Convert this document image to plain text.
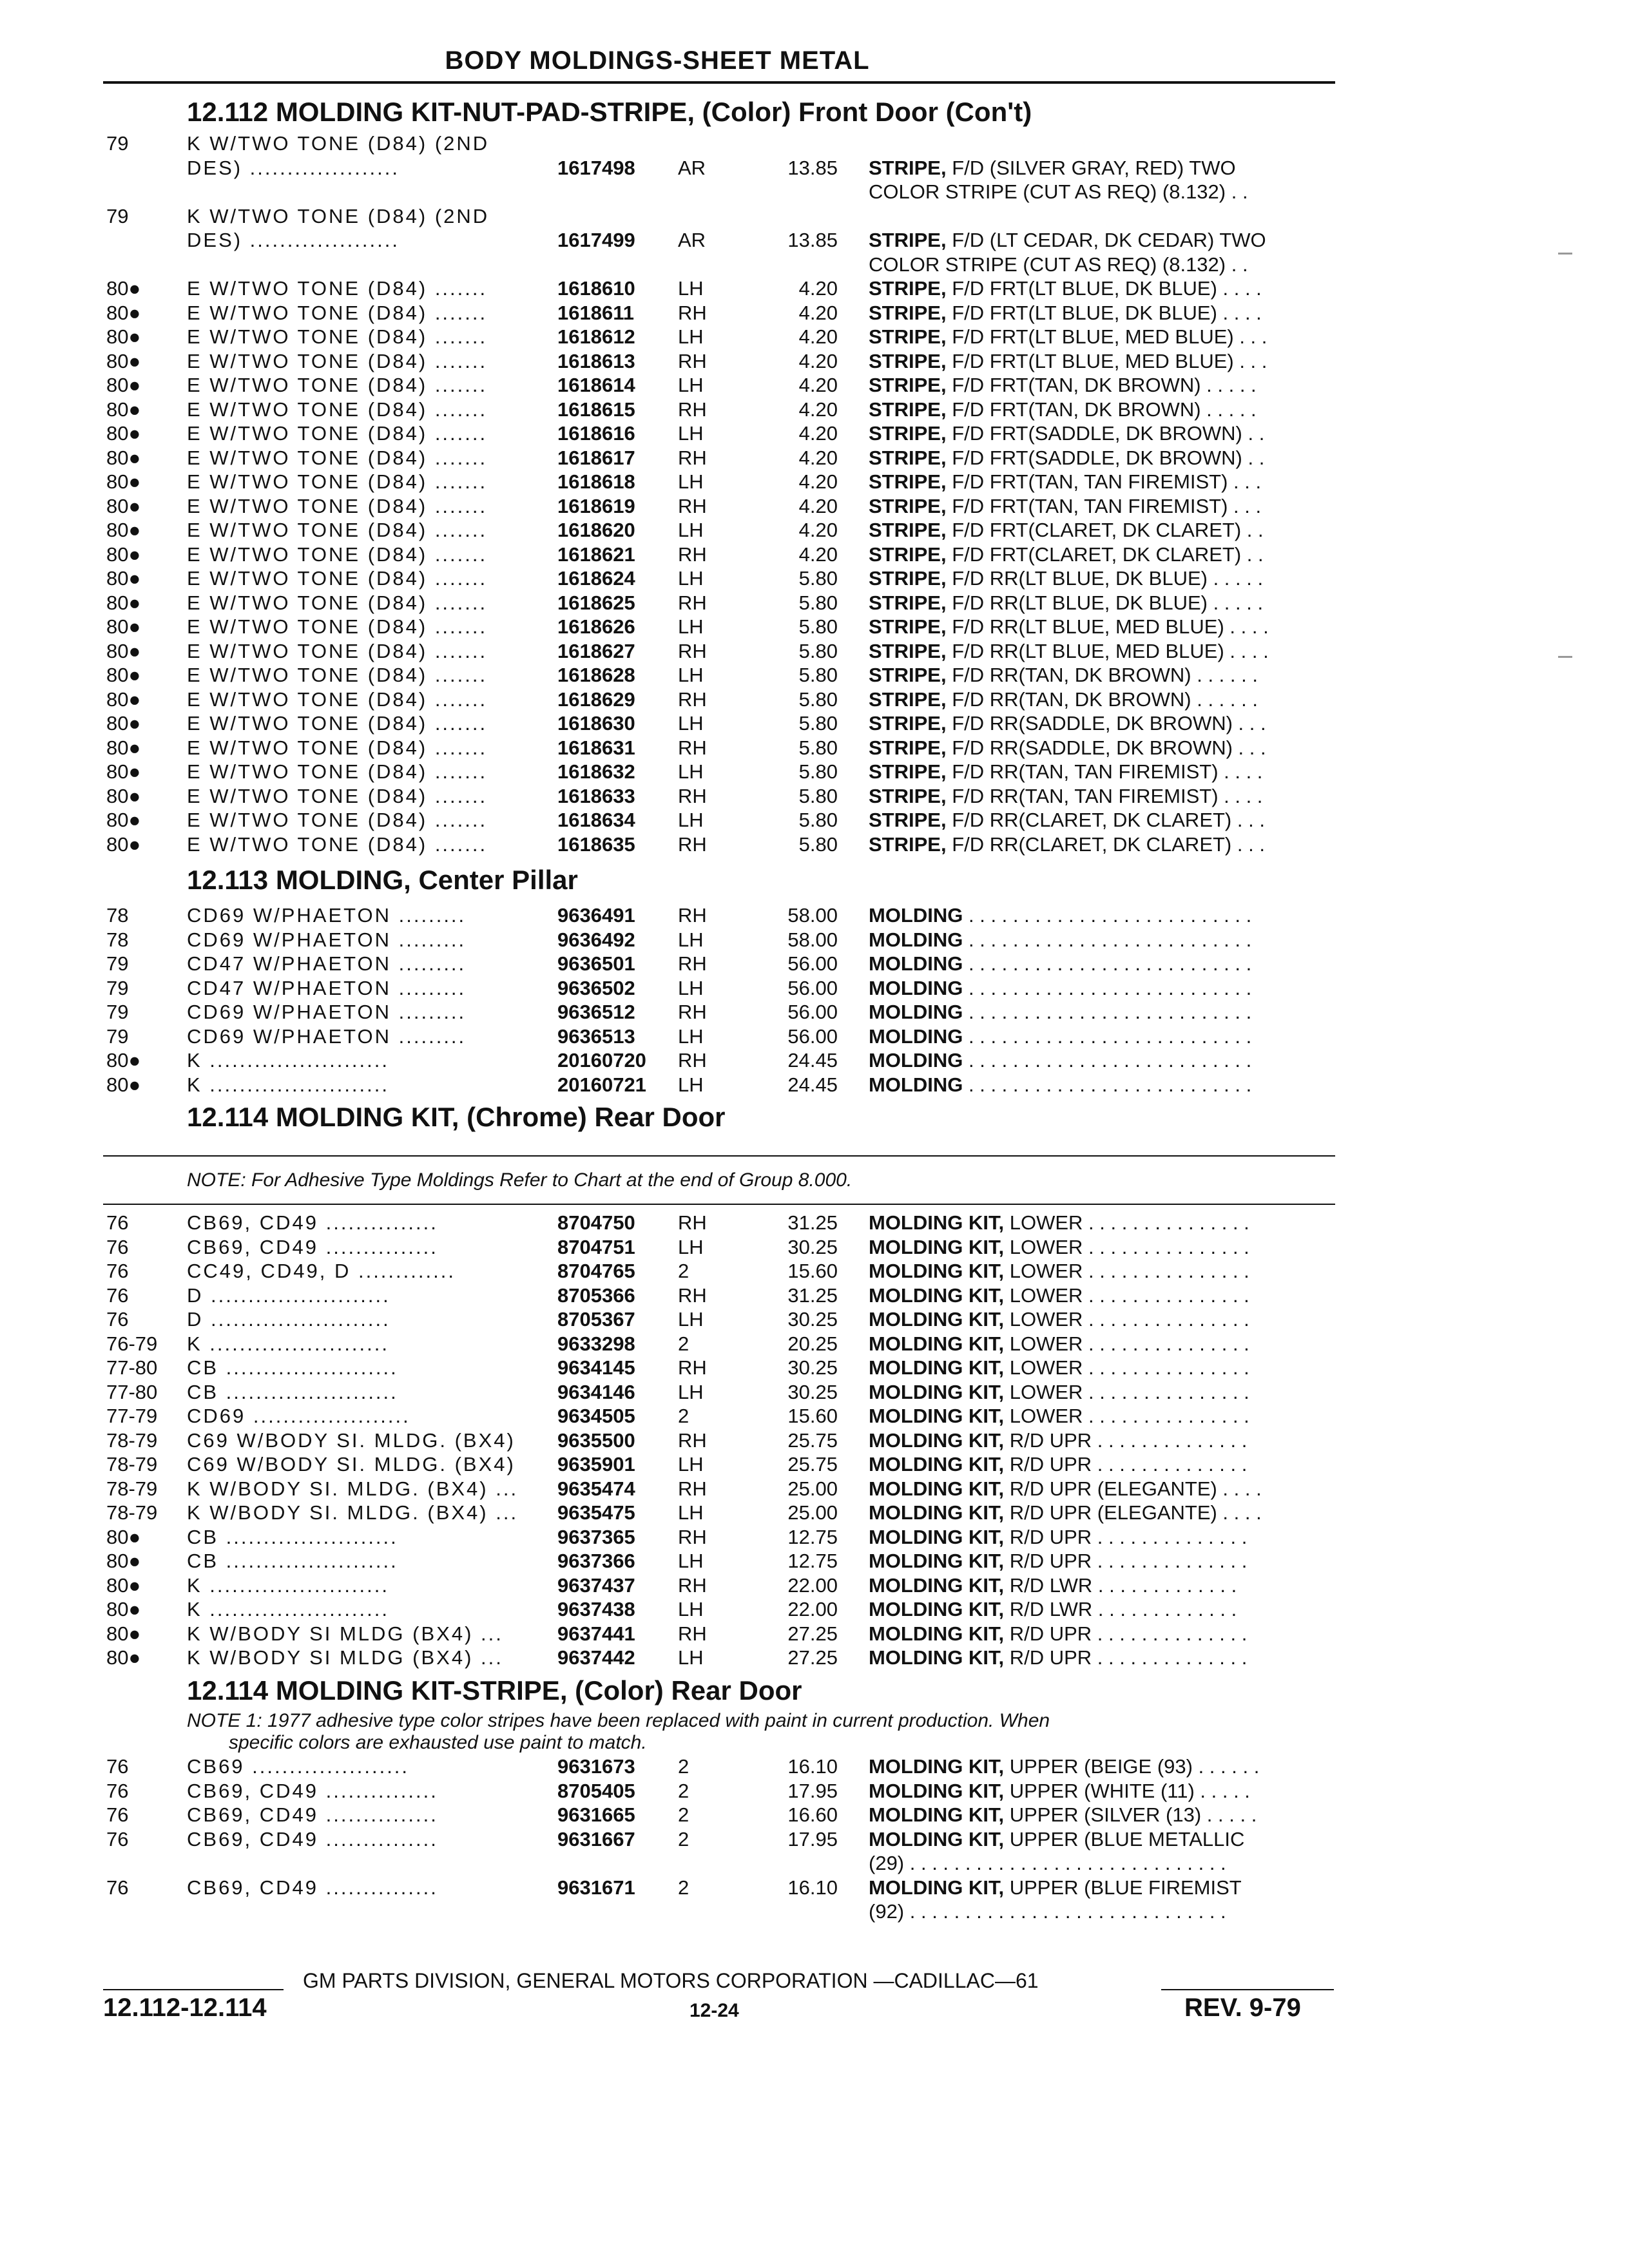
BODY MOLDINGS-SHEET METAL
12.112 MOLDING KIT-NUT-PAD-STRIPE, (Color) Front Door (Con't)
79	K W/TWO TONE (D84) (2ND
DES) ....................	1617498 AR	13.85 STRIPE, F/D (SILVER GRAY, RED) TWO
COLOR STRIPE (CUT AS REQ) (8.132) . .
79	K W/TWO TONE (D84) (2ND
DES) ....................	1617499 AR	13.85 STRIPE, F/D (LT CEDAR, DK CEDAR) TWO
COLOR STRIPE (CUT AS REQ) (8.132) . .
80● E W/TWO TONE (D84) .......	1618610 LH	4.20 STRIPE, F/D FRT(LT BLUE, DK BLUE) . . . .
80● E W/TWO TONE (D84) .......	1618611 RH	4.20 STRIPE, F/D FRT(LT BLUE, DK BLUE) . . . .
80● E W/TWO TONE (D84) .......	1618612 LH	4.20 STRIPE, F/D FRT(LT BLUE, MED BLUE) . . .
80● E W/TWO TONE (D84) .......	1618613 RH	4.20 STRIPE, F/D FRT(LT BLUE, MED BLUE) . . .
80● E W/TWO TONE (D84) .......	1618614 LH	4.20 STRIPE, F/D FRT(TAN, DK BROWN) . . . . .
80● E W/TWO TONE (D84) .......	1618615 RH	4.20 STRIPE, F/D FRT(TAN, DK BROWN) . . . . .
80● E W/TWO TONE (D84) .......	1618616 LH	4.20 STRIPE, F/D FRT(SADDLE, DK BROWN) . .
80● E W/TWO TONE (D84) .......	1618617 RH	4.20 STRIPE, F/D FRT(SADDLE, DK BROWN) . .
80● E W/TWO TONE (D84) .......	1618618 LH	4.20 STRIPE, F/D FRT(TAN, TAN FIREMIST) . . .
80● E W/TWO TONE (D84) .......	1618619 RH	4.20 STRIPE, F/D FRT(TAN, TAN FIREMIST) . . .
80● E W/TWO TONE (D84) .......	1618620 LH	4.20 STRIPE, F/D FRT(CLARET, DK CLARET) . .
80● E W/TWO TONE (D84) .......	1618621 RH	4.20 STRIPE, F/D FRT(CLARET, DK CLARET) . .
80● E W/TWO TONE (D84) .......	1618624 LH	5.80 STRIPE, F/D RR(LT BLUE, DK BLUE) . . . . .
80● E W/TWO TONE (D84) .......	1618625 RH	5.80 STRIPE, F/D RR(LT BLUE, DK BLUE) . . . . .
80● E W/TWO TONE (D84) .......	1618626 LH	5.80 STRIPE, F/D RR(LT BLUE, MED BLUE) . . . .
80● E W/TWO TONE (D84) .......	1618627 RH	5.80 STRIPE, F/D RR(LT BLUE, MED BLUE) . . . .
80● E W/TWO TONE (D84) .......	1618628 LH	5.80 STRIPE, F/D RR(TAN, DK BROWN) . . . . . .
80● E W/TWO TONE (D84) .......	1618629 RH	5.80 STRIPE, F/D RR(TAN, DK BROWN) . . . . . .
80● E W/TWO TONE (D84) .......	1618630 LH	5.80 STRIPE, F/D RR(SADDLE, DK BROWN) . . .
80● E W/TWO TONE (D84) .......	1618631 RH	5.80 STRIPE, F/D RR(SADDLE, DK BROWN) . . .
80● E W/TWO TONE (D84) .......	1618632 LH	5.80 STRIPE, F/D RR(TAN, TAN FIREMIST) . . . .
80● E W/TWO TONE (D84) .......	1618633 RH	5.80 STRIPE, F/D RR(TAN, TAN FIREMIST) . . . .
80● E W/TWO TONE (D84) .......	1618634 LH	5.80 STRIPE, F/D RR(CLARET, DK CLARET) . . .
80● E W/TWO TONE (D84) .......	1618635 RH	5.80 STRIPE, F/D RR(CLARET, DK CLARET) . . .
12.113 MOLDING, Center Pillar
78	CD69 W/PHAETON .........	9636491 RH	58.00 MOLDING . . . . . . . . . . . . . . . . . . . . . . . . . .
78	CD69 W/PHAETON .........	9636492 LH	58.00 MOLDING . . . . . . . . . . . . . . . . . . . . . . . . . .
79	CD47 W/PHAETON .........	9636501 RH	56.00 MOLDING . . . . . . . . . . . . . . . . . . . . . . . . . .
79	CD47 W/PHAETON .........	9636502 LH	56.00 MOLDING . . . . . . . . . . . . . . . . . . . . . . . . . .
79	CD69 W/PHAETON .........	9636512 RH	56.00 MOLDING . . . . . . . . . . . . . . . . . . . . . . . . . .
79	CD69 W/PHAETON .........	9636513 LH	56.00 MOLDING . . . . . . . . . . . . . . . . . . . . . . . . . .
80● K ........................	20160720 RH	24.45 MOLDING . . . . . . . . . . . . . . . . . . . . . . . . . .
80● K ........................	20160721 LH	24.45 MOLDING . . . . . . . . . . . . . . . . . . . . . . . . . .
12.114 MOLDING KIT, (Chrome) Rear Door
NOTE: For Adhesive Type Moldings Refer to Chart at the end of Group 8.000.
76	CB69, CD49 ...............	8704750 RH	31.25 MOLDING KIT, LOWER . . . . . . . . . . . . . . .
76	CB69, CD49 ...............	8704751 LH	30.25 MOLDING KIT, LOWER . . . . . . . . . . . . . . .
76	CC49, CD49, D .............	8704765 2	15.60 MOLDING KIT, LOWER . . . . . . . . . . . . . . .
76	D ........................	8705366 RH	31.25 MOLDING KIT, LOWER . . . . . . . . . . . . . . .
76	D ........................	8705367 LH	30.25 MOLDING KIT, LOWER . . . . . . . . . . . . . . .
76-79 K ........................	9633298 2	20.25 MOLDING KIT, LOWER . . . . . . . . . . . . . . .
77-80 CB .......................	9634145 RH	30.25 MOLDING KIT, LOWER . . . . . . . . . . . . . . .
77-80 CB .......................	9634146 LH	30.25 MOLDING KIT, LOWER . . . . . . . . . . . . . . .
77-79 CD69 .....................	9634505 2	15.60 MOLDING KIT, LOWER . . . . . . . . . . . . . . .
78-79 C69 W/BODY SI. MLDG. (BX4) 9635500 RH	25.75 MOLDING KIT, R/D UPR . . . . . . . . . . . . . .
78-79 C69 W/BODY SI. MLDG. (BX4) 9635901 LH	25.75 MOLDING KIT, R/D UPR . . . . . . . . . . . . . .
78-79 K W/BODY SI. MLDG. (BX4) ... 9635474 RH	25.00 MOLDING KIT, R/D UPR (ELEGANTE) . . . .
78-79 K W/BODY SI. MLDG. (BX4) ... 9635475 LH	25.00 MOLDING KIT, R/D UPR (ELEGANTE) . . . .
80● CB .......................	9637365 RH	12.75 MOLDING KIT, R/D UPR . . . . . . . . . . . . . .
80● CB .......................	9637366 LH	12.75 MOLDING KIT, R/D UPR . . . . . . . . . . . . . .
80● K ........................	9637437 RH	22.00 MOLDING KIT, R/D LWR . . . . . . . . . . . . .
80● K ........................	9637438 LH	22.00 MOLDING KIT, R/D LWR . . . . . . . . . . . . .
80● K W/BODY SI MLDG (BX4) ...	9637441 RH	27.25 MOLDING KIT, R/D UPR . . . . . . . . . . . . . .
80● K W/BODY SI MLDG (BX4) ...	9637442 LH	27.25 MOLDING KIT, R/D UPR . . . . . . . . . . . . . .
12.114 MOLDING KIT-STRIPE, (Color) Rear Door
NOTE 1: 1977 adhesive type color stripes have been replaced with paint in current production. When
specific colors are exhausted use paint to match.
76	CB69 .....................	9631673 2	16.10 MOLDING KIT, UPPER (BEIGE (93) . . . . . .
76	CB69, CD49 ...............	8705405 2	17.95 MOLDING KIT, UPPER (WHITE (11) . . . . .
76	CB69, CD49 ...............	9631665 2	16.60 MOLDING KIT, UPPER (SILVER (13) . . . . .
76	CB69, CD49 ...............	9631667 2	17.95 MOLDING KIT, UPPER (BLUE METALLIC
(29) . . . . . . . . . . . . . . . . . . . . . . . . . . . . .
76	CB69, CD49 ...............	9631671 2	16.10 MOLDING KIT, UPPER (BLUE FIREMIST
(92) . . . . . . . . . . . . . . . . . . . . . . . . . . . . .
GM PARTS DIVISION, GENERAL MOTORS CORPORATION —CADILLAC—61
12.112-12.114	12-24	REV. 9-79
